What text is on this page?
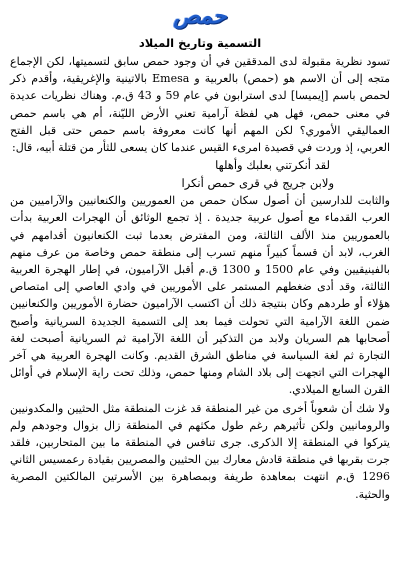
حمص
التسمية وتاريخ الميلاد

تسود نظرية مقبولة لدى المدققين في أن وجود حمص سابق لتسميتها، لكن الإجماع متجه إلى أن الاسم هو (حمص) بالعربية و Emesa بالاتينية والإغريقية، وأقدم ذكر لحمص باسم [إيميسا] لدى استرابون في عام 59 و 43 ق.م. وهناك نظريات عديدة في معنى حمص، فهل هي لفظة آرامية تعني الأرض الليّنة، أم هي باسم حمص العماليقي الأموري؟ لكن المهم أنها كانت معروفة باسم حمص حتى قبل الفتح العربي، إذ وردت في قصيدة امرىء القيس عندما كان يسعى للثأر من قتلة أبيه، قال:

لقد أنكرتني بعلبك وأهلها

ولابن جريج في قرى حمص أنكرا

والثابت للدارسين أن أصول سكان حمص من العموريين والكنعانيين والآراميين من العرب القدماء مع أصول عربية جديدة . إذ تجمع الوثائق أن الهجرات العربية بدأت بالعموريين منذ الألف الثالثة، ومن المفترض بعدما ثبت الكنعانيون أقدامهم في الغرب، لابد أن قسماً كبيراً منهم تسرب إلى منطقة حمص وخاصة من عرف منهم بالفينيقيين وفي عام 1500 و 1300 ق.م أقبل الآراميون، في إطار الهجرة العربية الثالثة، وقد أدى ضغطهم المستمر على الأموريين في وادي العاصي إلى امتصاص هؤلاء أو طردهم وكان بنتيجة ذلك أن اكتسب الآراميون حضارة الأموريين والكنعانيين ضمن اللغة الآرامية التي تحولت فيما بعد إلى التسمية الجديدة السريانية وأصبح أصحابها هم السريان ولابد من التذكير أن اللغة الآرامية ثم السريانية أصبحت لغة التجارة ثم لغة السياسة في مناطق الشرق القديم. وكانت الهجرة العربية هي آخر الهجرات التي اتجهت إلى بلاد الشام ومنها حمص، وذلك تحت راية الإسلام في أوائل القرن السابع الميلادي.

ولا شك أن شعوباً أخرى من غير المنطقة قد غزت المنطقة مثل الحثيين والمكدونيين والرومانيين ولكن تأثيرهم رغم طول مكثهم في المنطقة زال بزوال وجودهم ولم يتركوا في المنطقة إلا الذكرى. جرى تنافس في المنطقة ما بين المتحاربين، فلقد جرت بقربها في منطقة قادش معارك بين الحثيين والمصريين بقيادة رعمسيس الثاني 1296 ق.م انتهت بمعاهدة طريفة وبمصاهرة بين الأسرتين المالكتين المصرية والحثية.
